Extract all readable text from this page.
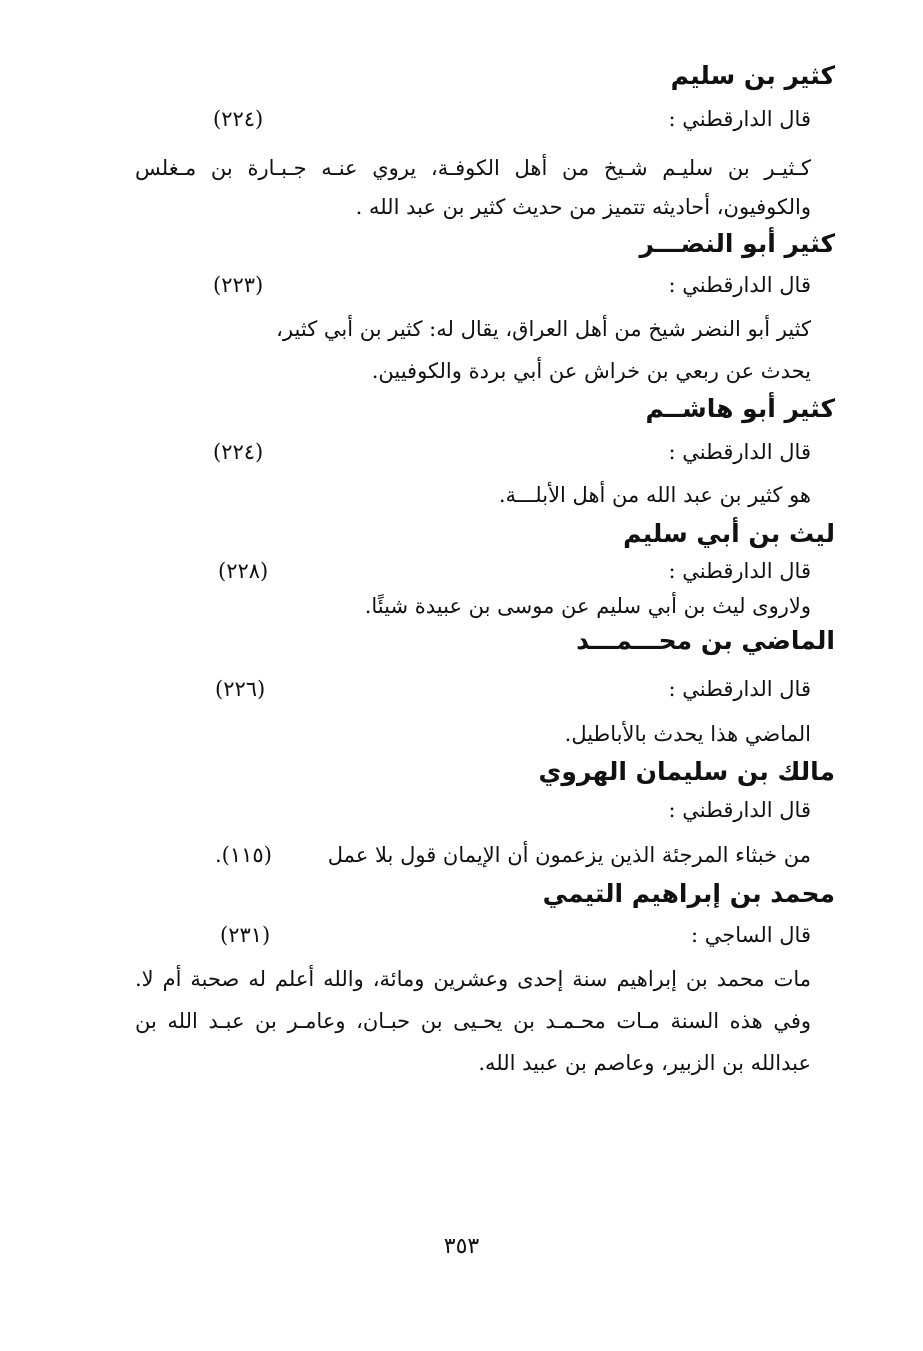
كثير بن سليم
قال الدارقطني :
(٢٢٤)
كـثيـر بن سليـم شـيخ من أهل الكوفـة، يروي عنـه جـبـارة بن مـغلس
والكوفيون، أحاديثه تتميز من حديث كثير بن عبد الله .
كثير أبو النضـــر
قال الدارقطني :
(٢٢٣)
كثير أبو النضر شيخ من أهل العراق، يقال له: كثير بن أبي كثير،
يحدث عن ربعي بن خراش عن أبي بردة والكوفيين.
كثير أبو هاشــم
قال الدارقطني :
(٢٢٤)
هو كثير بن عبد الله من أهل الأبلـــة.
ليث بن أبي سليم
قال الدارقطني :
(٢٢٨)
ولاروى ليث بن أبي سليم عن موسى بن عبيدة شيئًا.
الماضي بن محـــمـــد
قال الدارقطني :
(٢٢٦)
الماضي هذا يحدث بالأباطيل.
مالك بن سليمان الهروي
قال الدارقطني :
من خبثاء المرجئة الذين يزعمون أن الإيمان قول بلا عمل
(١١٥).
محمد بن إبراهيم التيمي
قال الساجي :
(٢٣١)
مات محمد بن إبراهيم سنة إحدى وعشرين ومائة، والله أعلم له صحبة أم لا.
وفي هذه السنة مـات محـمـد بن يحـيى بن حبـان، وعامـر بن عبـد الله بن
عبدالله بن الزبير، وعاصم بن عبيد الله.
٣٥٣
